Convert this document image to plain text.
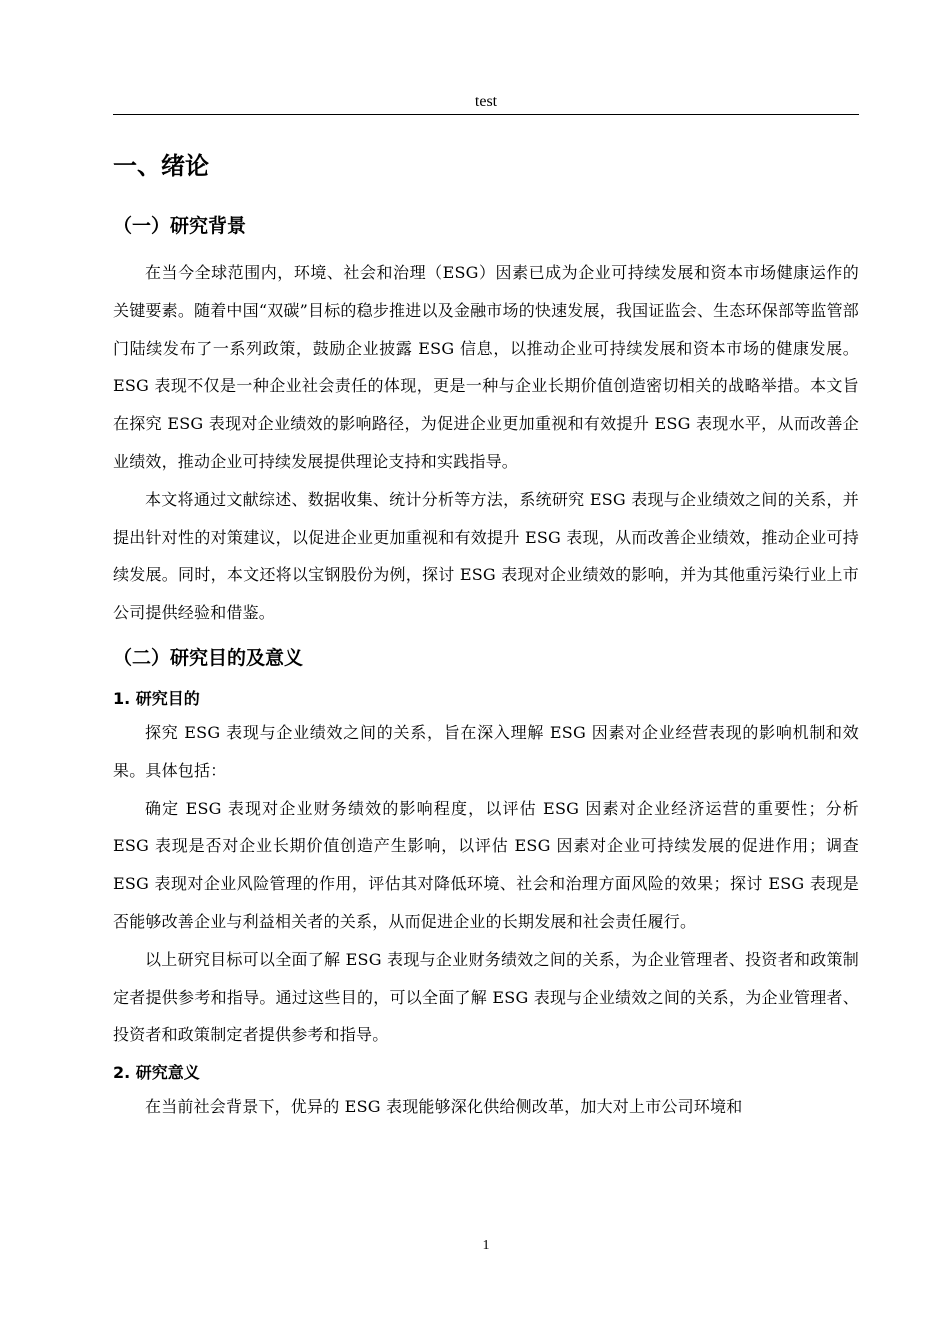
test
一、绪论
（一）研究背景

在当今全球范围内，环境、社会和治理（ESG）因素已成为企业可持续发展和资本市场健康运作的关键要素。随着中国“双碳”目标的稳步推进以及金融市场的快速发展，我国证监会、生态环保部等监管部门陆续发布了一系列政策，鼓励企业披露 ESG 信息，以推动企业可持续发展和资本市场的健康发展。ESG 表现不仅是一种企业社会责任的体现，更是一种与企业长期价值创造密切相关的战略举措。本文旨在探究 ESG 表现对企业绩效的影响路径，为促进企业更加重视和有效提升 ESG 表现水平，从而改善企业绩效，推动企业可持续发展提供理论支持和实践指导。

本文将通过文献综述、数据收集、统计分析等方法，系统研究 ESG 表现与企业绩效之间的关系，并提出针对性的对策建议，以促进企业更加重视和有效提升 ESG 表现，从而改善企业绩效，推动企业可持续发展。同时，本文还将以宝钢股份为例，探讨 ESG 表现对企业绩效的影响，并为其他重污染行业上市公司提供经验和借鉴。

（二）研究目的及意义
1. 研究目的

探究 ESG 表现与企业绩效之间的关系，旨在深入理解 ESG 因素对企业经营表现的影响机制和效果。具体包括：

确定 ESG 表现对企业财务绩效的影响程度，以评估 ESG 因素对企业经济运营的重要性；分析 ESG 表现是否对企业长期价值创造产生影响，以评估 ESG 因素对企业可持续发展的促进作用；调查 ESG 表现对企业风险管理的作用，评估其对降低环境、社会和治理方面风险的效果；探讨 ESG 表现是否能够改善企业与利益相关者的关系，从而促进企业的长期发展和社会责任履行。

以上研究目标可以全面了解 ESG 表现与企业财务绩效之间的关系，为企业管理者、投资者和政策制定者提供参考和指导。通过这些目的，可以全面了解 ESG 表现与企业绩效之间的关系，为企业管理者、投资者和政策制定者提供参考和指导。

2. 研究意义

在当前社会背景下，优异的 ESG 表现能够深化供给侧改革，加大对上市公司环境和

1
